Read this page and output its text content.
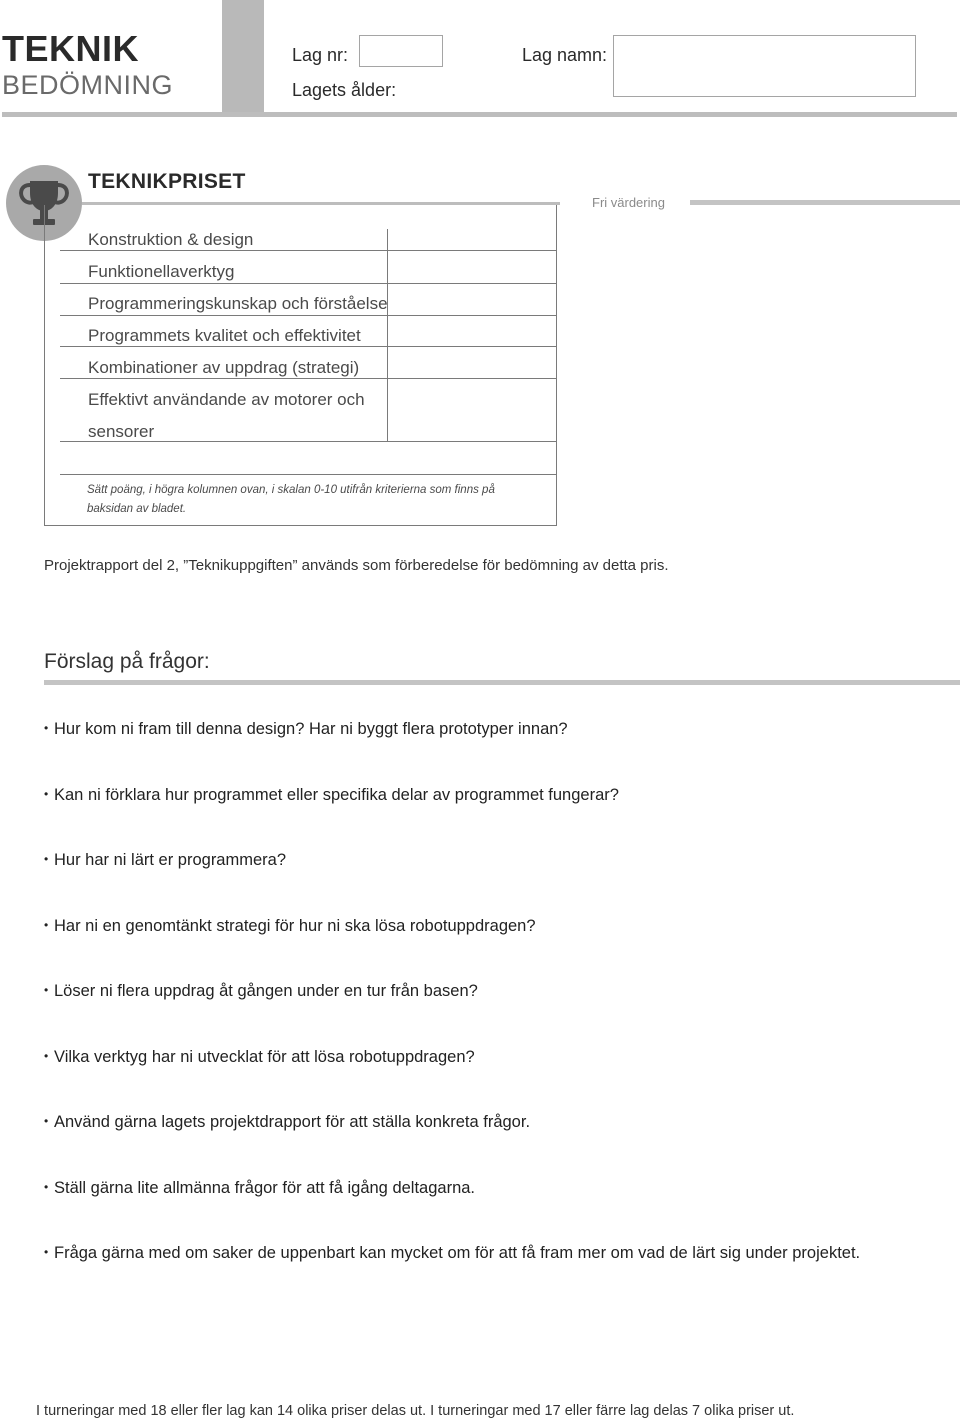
TEKNIK
BEDÖMNING
Lag nr:	Lag namn:
Lagets ålder:
TEKNIKPRISET
Fri värdering
Konstruktion & design
Funktionellaverktyg
Programmeringskunskap och förståelse
Programmets kvalitet och effektivitet
Kombinationer av uppdrag (strategi)
Effektivt användande av motorer och
sensorer
Sätt poäng, i högra kolumnen ovan, i skalan 0-10 utifrån kriterierna som finns på baksidan av bladet.
Projektrapport del 2, ”Teknikuppgiften” används som förberedelse för bedömning av detta pris.
Förslag på frågor:
• Hur kom ni fram till denna design? Har ni byggt flera prototyper innan?
• Kan ni förklara hur programmet eller specifika delar av programmet fungerar?
• Hur har ni lärt er programmera?
• Har ni en genomtänkt strategi för hur ni ska lösa robotuppdragen?
• Löser ni flera uppdrag åt gången under en tur från basen?
• Vilka verktyg har ni utvecklat för att lösa robotuppdragen?
• Använd gärna lagets projektdrapport för att ställa konkreta frågor.
• Ställ gärna lite allmänna frågor för att få igång deltagarna.
• Fråga gärna med om saker de uppenbart kan mycket om för att få fram mer om vad de lärt sig under projektet.
I turneringar med 18 eller fler lag kan 14 olika priser delas ut. I turneringar med 17 eller färre lag delas 7 olika priser ut.
